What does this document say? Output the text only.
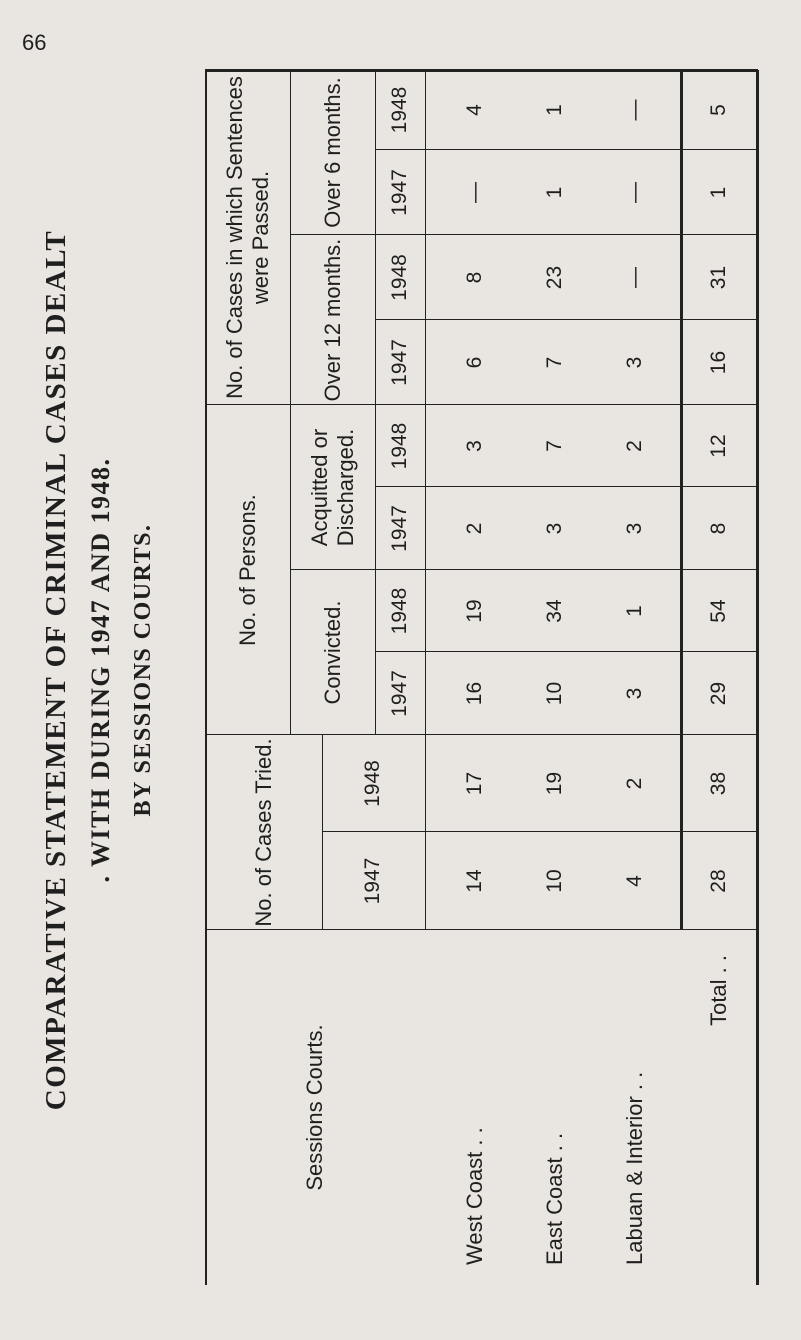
66
COMPARATIVE STATEMENT OF CRIMINAL CASES DEALT . WITH DURING 1947 AND 1948. BY SESSIONS COURTS.
Sessions Courts.
No. of Cases Tried.
No. of Persons.
No. of Cases in which Sentences were Passed.
Convicted.
Acquitted or Discharged.
Over 12 months.
Over 6 months.
1947
1948
1947
1948
1947
1948
1947
1948
1947
1948
West Coast . .
14
17
16
19
2
3
6
8
—
4
East Coast . .
10
19
10
34
3
7
7
23
1
1
Labuan & Interior . .
4
2
3
1
3
2
3
—
—
—
Total . .
28
38
29
54
8
12
16
31
1
5
